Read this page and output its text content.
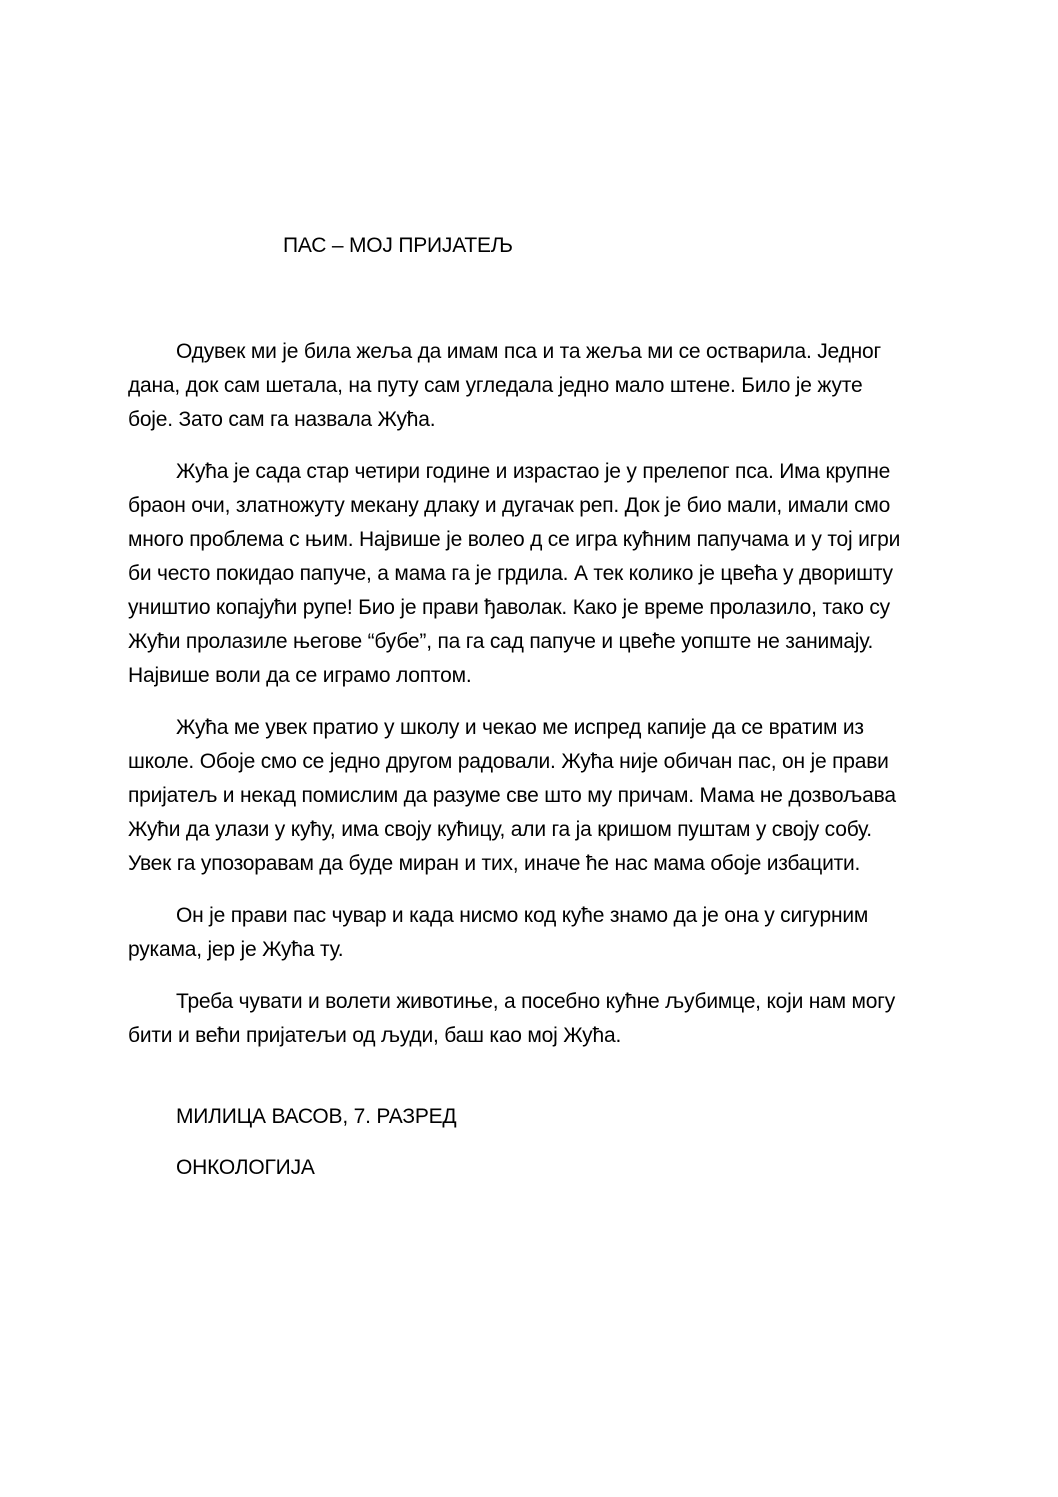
ПАС – МОЈ ПРИЈАТЕЉ

Одувек ми је била жеља да имам пса и та жеља ми се остварила. Једног дана, док сам шетала, на путу сам угледала једно мало штене. Било је жуте боје. Зато сам га назвала Жућа.

Жућа је сада стар четири године и израстао је у прелепог пса. Има крупне браон очи, златножуту мекану длаку и дугачак реп. Док је био мали, имали смо много проблема с њим. Највише је волео д се игра кућним папучама и у тој игри би често покидао папуче, а мама га је грдила. А тек колико је цвећа у дворишту уништио копајући рупе! Био је прави ђаволак. Како је време пролазило, тако су Жући пролазиле његове “бубе”, па га сад папуче и цвеће уопште не занимају. Највише воли да се играмо лоптом.

Жућа ме увек пратио у школу и чекао ме испред капије да се вратим из школе. Обоје смо се једно другом радовали. Жућа није обичан пас, он је прави пријатељ и некад помислим да разуме све што му причам. Мама не дозвољава Жући да улази у кућу, има своју кућицу, али га ја кришом пуштам у своју собу. Увек га упозоравам да буде миран и тих, иначе ће нас мама обоје избацити.

Он је прави пас чувар и када нисмо код куће знамо да је она у сигурним рукама, јер је Жућа ту.

Треба чувати и волети животиње, а посебно кућне љубимце, који нам могу бити и већи пријатељи од људи, баш као мој Жућа.

МИЛИЦА ВАСОВ, 7. РАЗРЕД
ОНКОЛОГИЈА
